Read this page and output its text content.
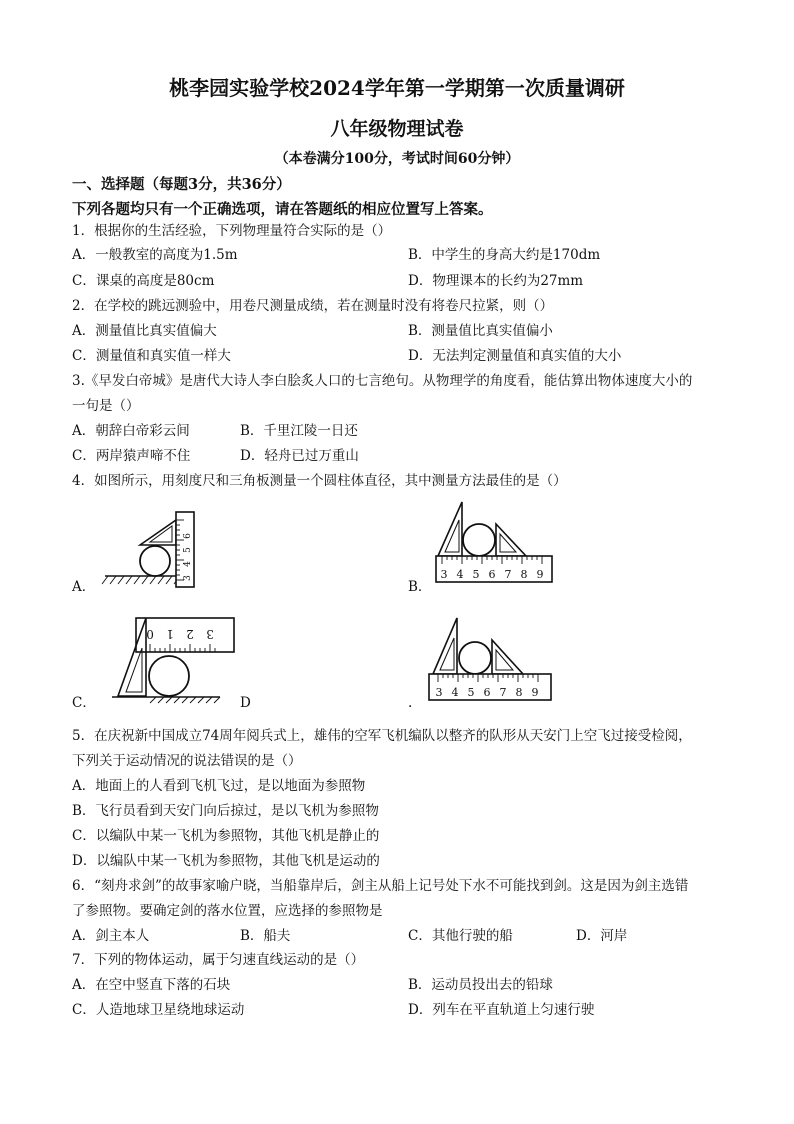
桃李园实验学校2024学年第一学期第一次质量调研
八年级物理试卷
（本卷满分100分，考试时间60分钟）
一、选择题（每题3分，共36分）
下列各题均只有一个正确选项，请在答题纸的相应位置写上答案。
1．根据你的生活经验，下列物理量符合实际的是（）
A．一般教室的高度为1.5m	B．中学生的身高大约是170dm
C．课桌的高度是80cm	D．物理课本的长约为27mm
2．在学校的跳远测验中，用卷尺测量成绩，若在测量时没有将卷尺拉紧，则（）
A．测量值比真实值偏大	B．测量值比真实值偏小
C．测量值和真实值一样大	D．无法判定测量值和真实值的大小
3.《早发白帝城》是唐代大诗人李白脍炙人口的七言绝句。从物理学的角度看，能估算出物体速度大小的
一句是（）
A．朝辞白帝彩云间	B．千里江陵一日还
C．两岸猿声啼不住	D．轻舟已过万重山
4．如图所示，用刻度尺和三角板测量一个圆柱体直径，其中测量方法最佳的是（）
3
4
5
6
A．
3 4 5 6 7 8 9
B．
0 1 2 3
C．	D
3 4 5 6 7 8 9
.
5．在庆祝新中国成立74周年阅兵式上，雄伟的空军飞机编队以整齐的队形从天安门上空飞过接受检阅，
下列关于运动情况的说法错误的是（）
A．地面上的人看到飞机飞过，是以地面为参照物
B．飞行员看到天安门向后掠过，是以飞机为参照物
C．以编队中某一飞机为参照物，其他飞机是静止的
D．以编队中某一飞机为参照物，其他飞机是运动的
6．“刻舟求剑”的故事家喻户晓，当船靠岸后，剑主从船上记号处下水不可能找到剑。这是因为剑主选错
了参照物。要确定剑的落水位置，应选择的参照物是
A．剑主本人	B．船夫	C．其他行驶的船	D．河岸
7．下列的物体运动，属于匀速直线运动的是（）
A．在空中竖直下落的石块	B．运动员投出去的铅球
C．人造地球卫星绕地球运动	D．列车在平直轨道上匀速行驶
